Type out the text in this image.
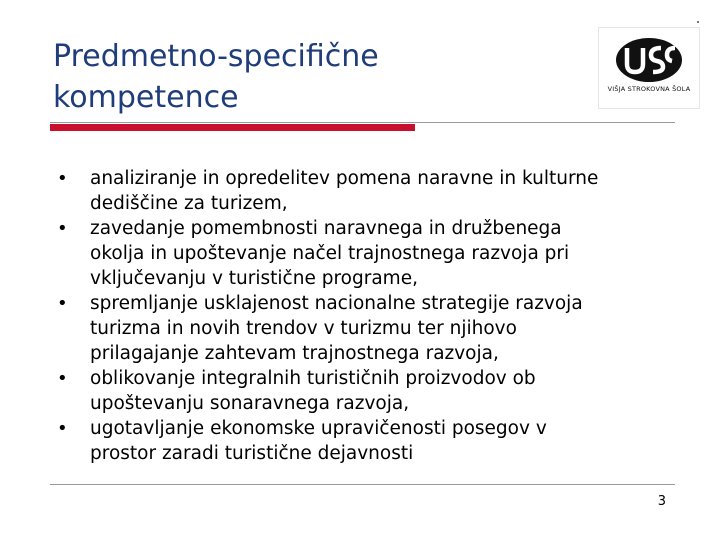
Predmetno-specifične
kompetence	VIŠJA STROKOVNA ŠOLA
• analiziranje in opredelitev pomena naravne in kulturne
dediščine za turizem,
• zavedanje pomembnosti naravnega in družbenega
okolja in upoštevanje načel trajnostnega razvoja pri
vključevanju v turistične programe,
• spremljanje usklajenost nacionalne strategije razvoja
turizma in novih trendov v turizmu ter njihovo
prilagajanje zahtevam trajnostnega razvoja,
• oblikovanje integralnih turističnih proizvodov ob
upoštevanju sonaravnega razvoja,
• ugotavljanje ekonomske upravičenosti posegov v
prostor zaradi turistične dejavnosti
3
